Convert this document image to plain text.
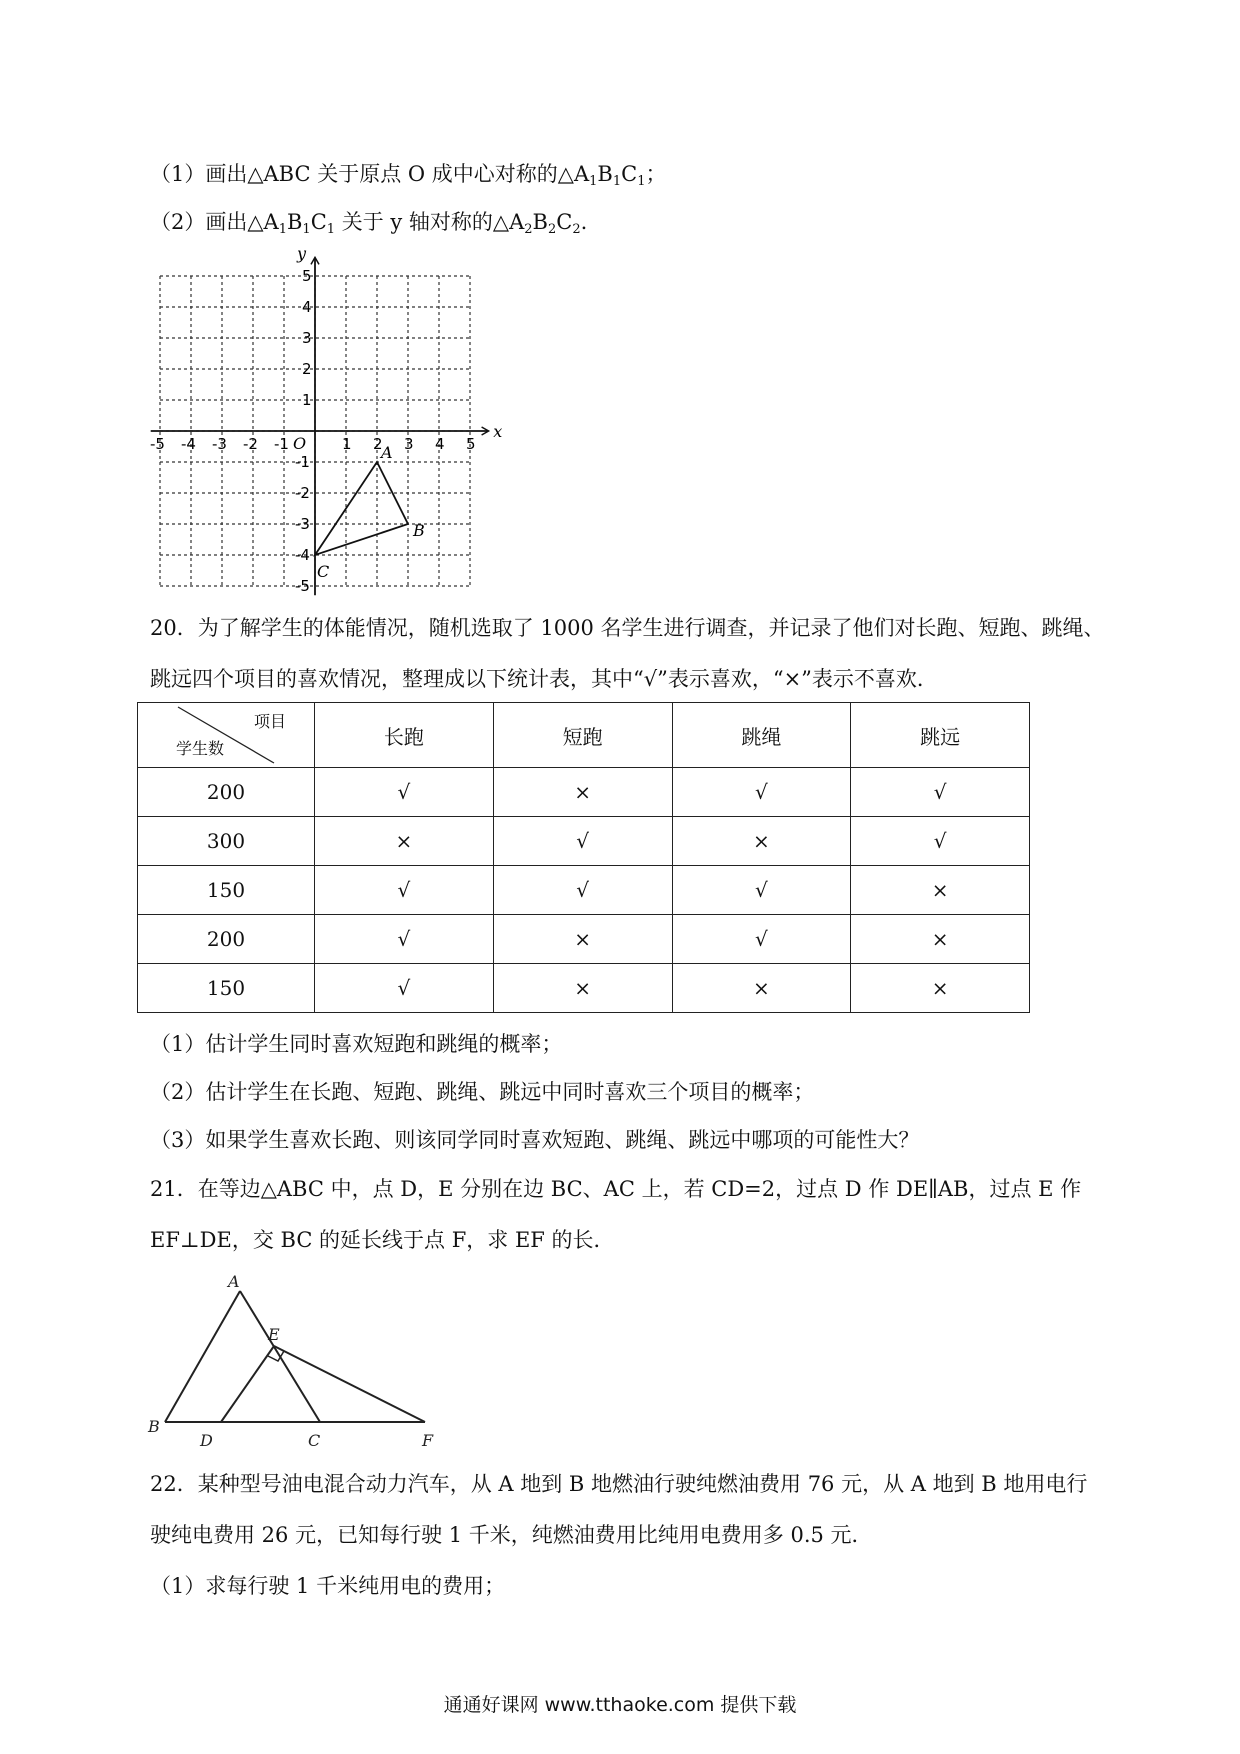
（1）画出△ABC 关于原点 O 成中心对称的$\triangle A_1B_1C_1$；
（2）画出$\triangle A_1B_1C_1$ 关于 y 轴对称的$\triangle A_2B_2C_2$.
x
y
O
-5 -4 -3 -2 -1	1 2 3 4 5
5
4
3
2
1
-1
-2
-3
-4
-5
A
B
C
20．为了解学生的体能情况，随机选取了 1000 名学生进行调查，并记录了他们对长跑、短跑、跳绳、
跳远四个项目的喜欢情况，整理成以下统计表，其中“√”表示喜欢，“×”表示不喜欢．
项目
学生数	长跑	短跑	跳绳	跳远
200	√	×	√	√
300	×	√	×	√
150	√	√	√	×
200	√	×	√	×
150	√	×	×	×
（1）估计学生同时喜欢短跑和跳绳的概率；
（2）估计学生在长跑、短跑、跳绳、跳远中同时喜欢三个项目的概率；
（3）如果学生喜欢长跑、则该同学同时喜欢短跑、跳绳、跳远中哪项的可能性大？
21．在等边△ABC 中，点 D，E 分别在边 BC、AC 上，若 CD=2，过点 D 作 DE∥AB，过点 E 作
EF⊥DE，交 BC 的延长线于点 F，求 EF 的长．
A
B
C
D
E
F
22．某种型号油电混合动力汽车，从 A 地到 B 地燃油行驶纯燃油费用 76 元，从 A 地到 B 地用电行
驶纯电费用 26 元，已知每行驶 1 千米，纯燃油费用比纯用电费用多 0.5 元．
（1）求每行驶 1 千米纯用电的费用；
通通好课网 www.tthaoke.com 提供下载
